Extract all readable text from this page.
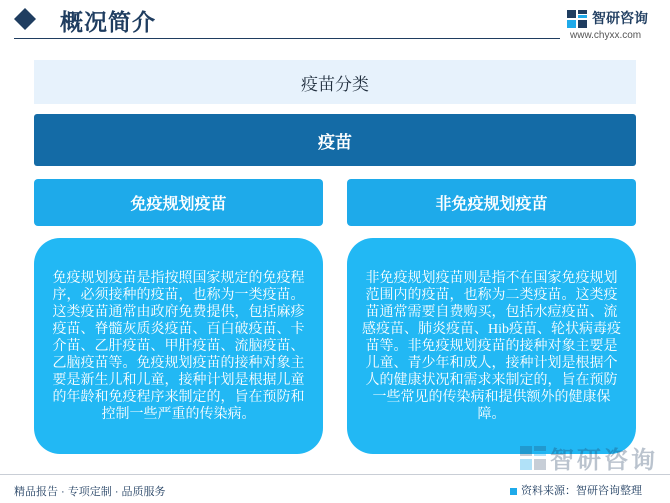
概况简介	智研咨询
www.chyxx.com
疫苗分类
疫苗
免疫规划疫苗	非免疫规划疫苗
免疫规划疫苗是指按照国家规定的免疫程序，必须接种的疫苗，也称为一类疫苗。这类疫苗通常由政府免费提供，包括麻疹疫苗、脊髓灰质炎疫苗、百白破疫苗、卡介苗、乙肝疫苗、甲肝疫苗、流脑疫苗、乙脑疫苗等。免疫规划疫苗的接种对象主要是新生儿和儿童，接种计划是根据儿童的年龄和免疫程序来制定的，旨在预防和控制一些严重的传染病。
非免疫规划疫苗则是指不在国家免疫规划范围内的疫苗，也称为二类疫苗。这类疫苗通常需要自费购买，包括水痘疫苗、流感疫苗、肺炎疫苗、Hib疫苗、轮状病毒疫苗等。非免疫规划疫苗的接种对象主要是儿童、青少年和成人，接种计划是根据个人的健康状况和需求来制定的，旨在预防一些常见的传染病和提供额外的健康保障。
精品报告 · 专项定制 · 品质服务
智研咨询
资料来源：智研咨询整理
